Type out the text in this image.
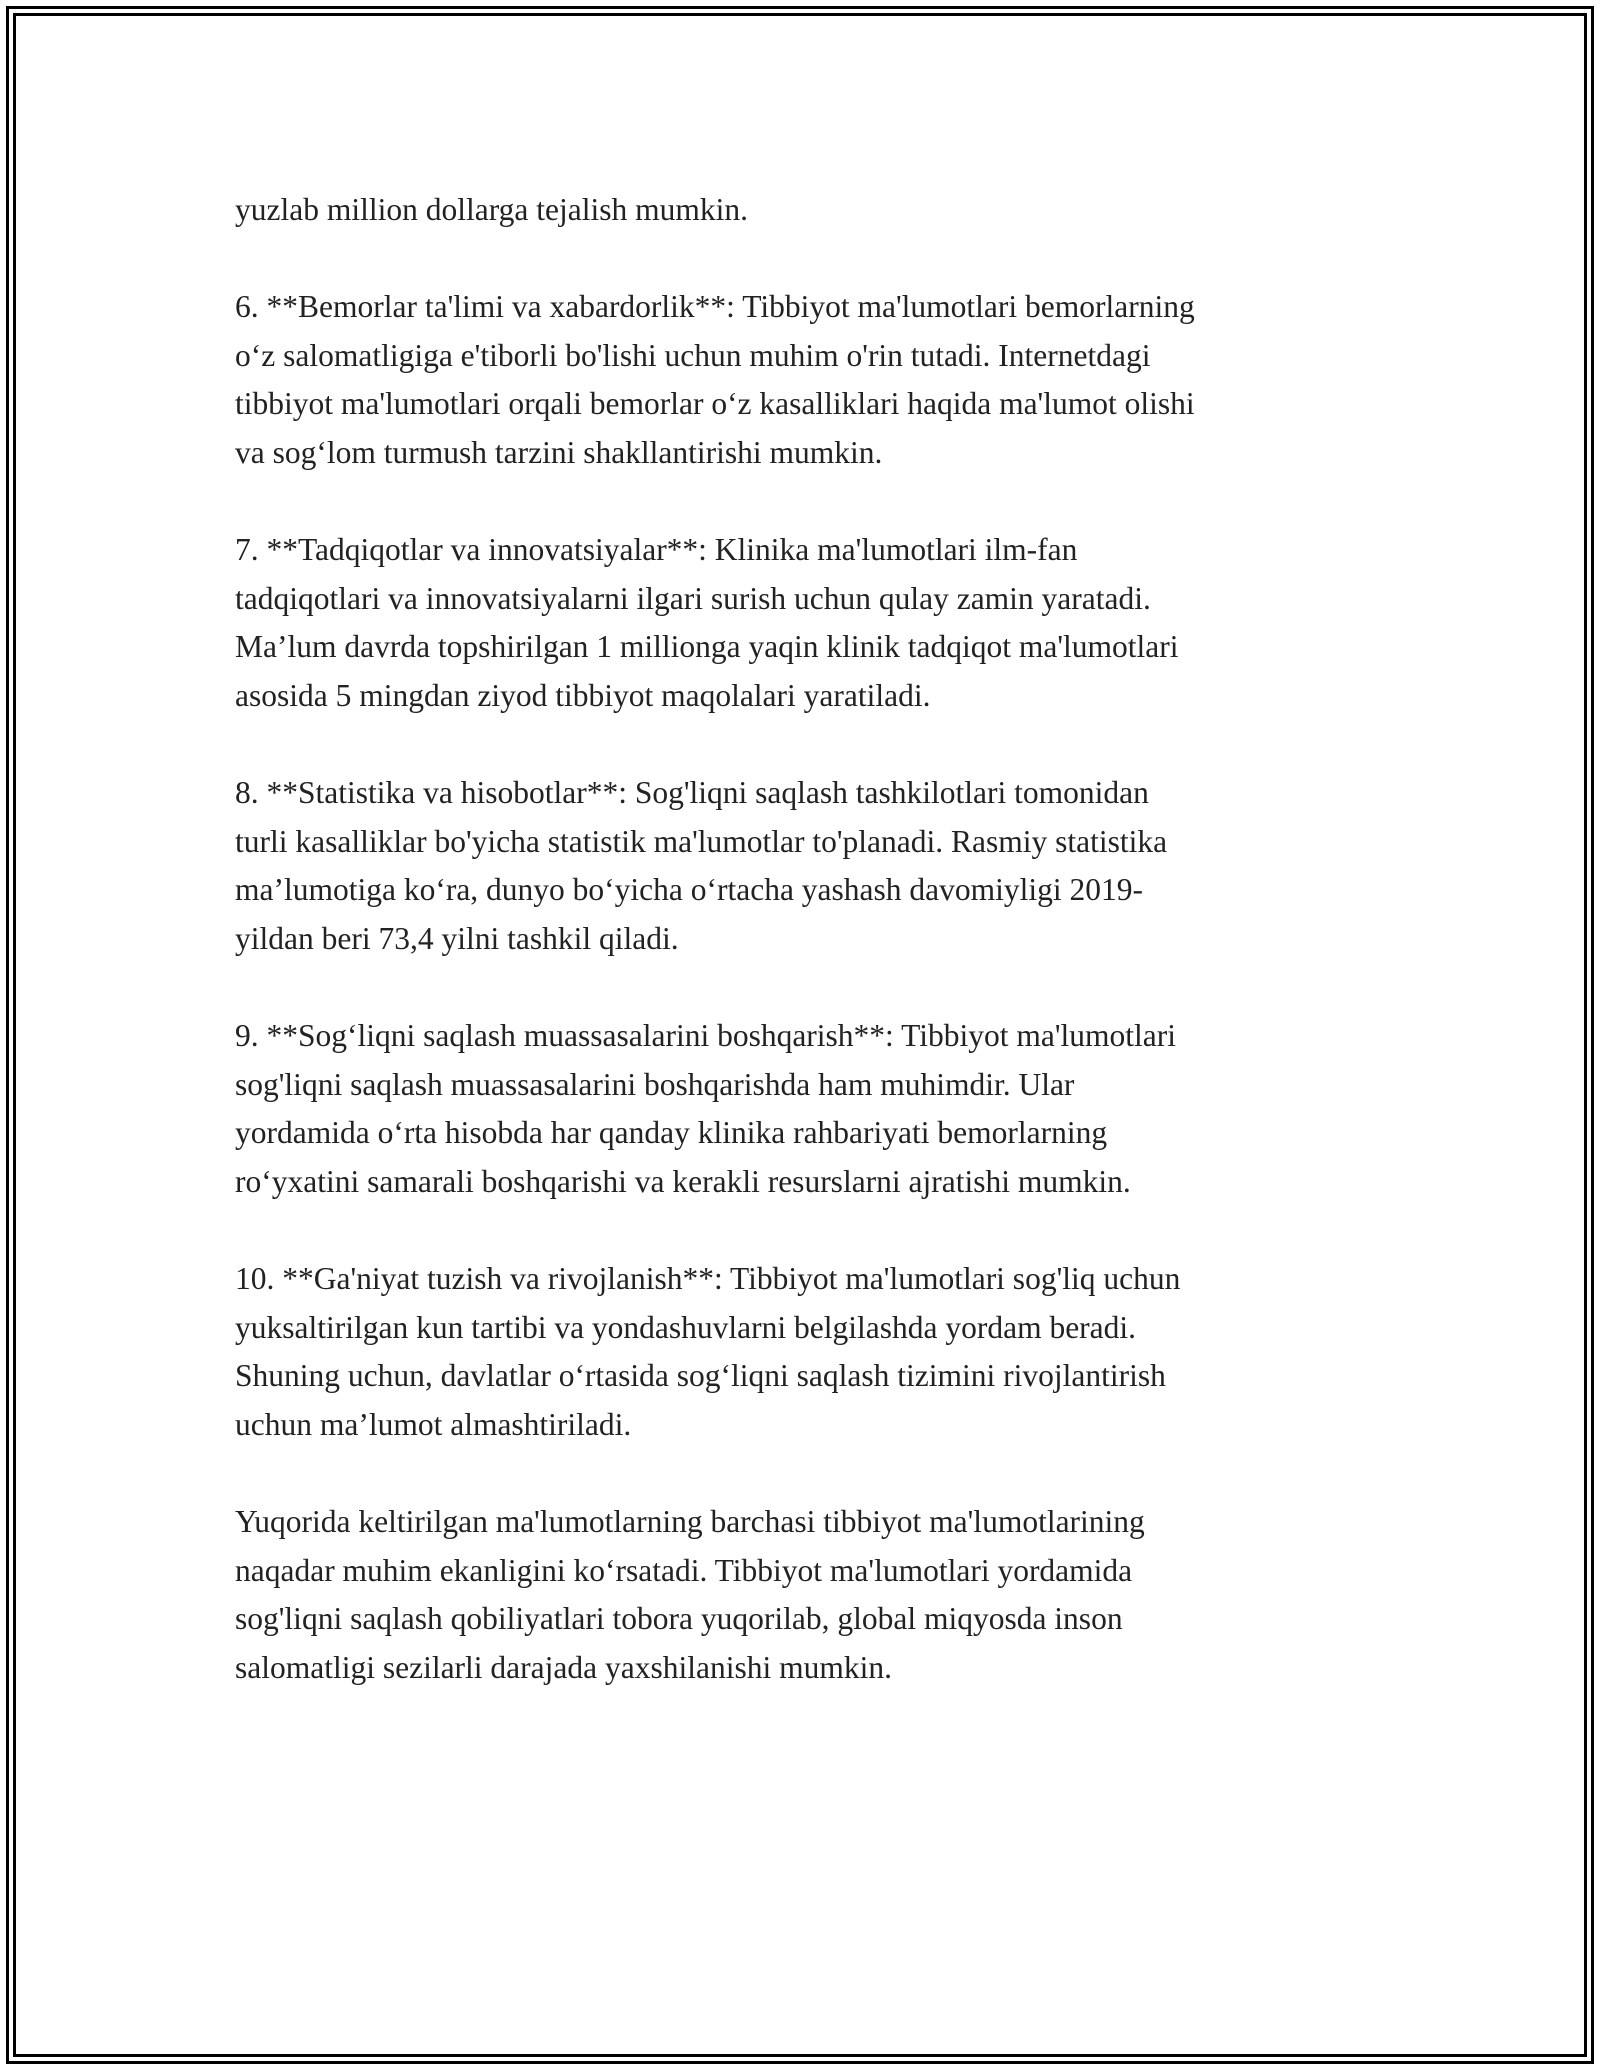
yuzlab million dollarga tejalish mumkin.

6. **Bemorlar ta'limi va xabardorlik**: Tibbiyot ma'lumotlari bemorlarning
o‘z salomatligiga e'tiborli bo'lishi uchun muhim o'rin tutadi. Internetdagi
tibbiyot ma'lumotlari orqali bemorlar o‘z kasalliklari haqida ma'lumot olishi
va sog‘lom turmush tarzini shakllantirishi mumkin.

7. **Tadqiqotlar va innovatsiyalar**: Klinika ma'lumotlari ilm-fan
tadqiqotlari va innovatsiyalarni ilgari surish uchun qulay zamin yaratadi.
Ma’lum davrda topshirilgan 1 millionga yaqin klinik tadqiqot ma'lumotlari
asosida 5 mingdan ziyod tibbiyot maqolalari yaratiladi.

8. **Statistika va hisobotlar**: Sog'liqni saqlash tashkilotlari tomonidan
turli kasalliklar bo'yicha statistik ma'lumotlar to'planadi. Rasmiy statistika
ma’lumotiga ko‘ra, dunyo bo‘yicha o‘rtacha yashash davomiyligi 2019-
yildan beri 73,4 yilni tashkil qiladi.

9. **Sog‘liqni saqlash muassasalarini boshqarish**: Tibbiyot ma'lumotlari
sog'liqni saqlash muassasalarini boshqarishda ham muhimdir. Ular
yordamida o‘rta hisobda har qanday klinika rahbariyati bemorlarning
ro‘yxatini samarali boshqarishi va kerakli resurslarni ajratishi mumkin.

10. **Ga'niyat tuzish va rivojlanish**: Tibbiyot ma'lumotlari sog'liq uchun
yuksaltirilgan kun tartibi va yondashuvlarni belgilashda yordam beradi.
Shuning uchun, davlatlar o‘rtasida sog‘liqni saqlash tizimini rivojlantirish
uchun ma’lumot almashtiriladi.

Yuqorida keltirilgan ma'lumotlarning barchasi tibbiyot ma'lumotlarining
naqadar muhim ekanligini ko‘rsatadi. Tibbiyot ma'lumotlari yordamida
sog'liqni saqlash qobiliyatlari tobora yuqorilab, global miqyosda inson
salomatligi sezilarli darajada yaxshilanishi mumkin.
